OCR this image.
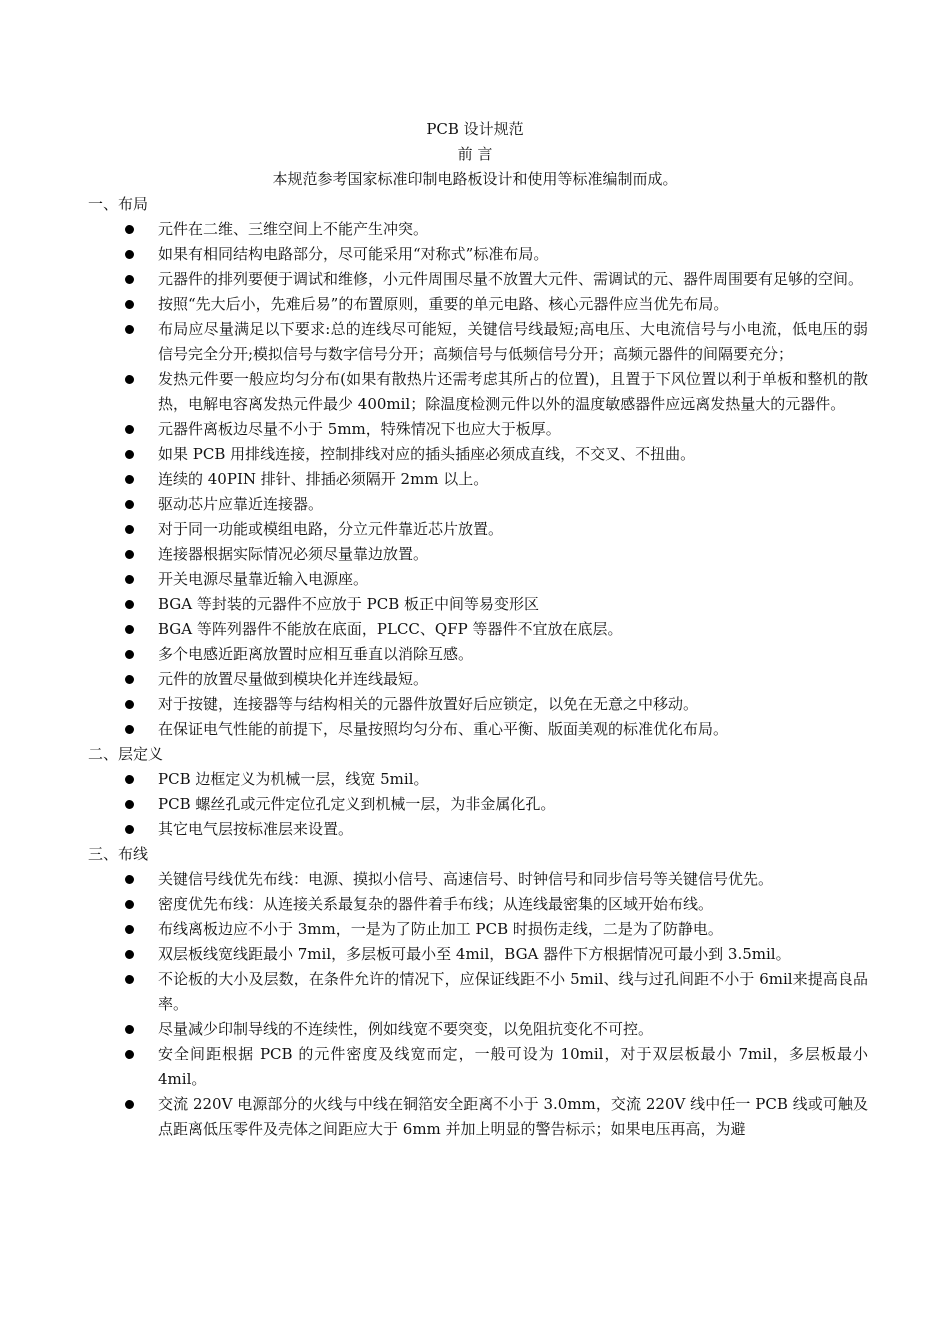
PCB 设计规范
前 言
本规范参考国家标准印制电路板设计和使用等标准编制而成。
一、布局
元件在二维、三维空间上不能产生冲突。
如果有相同结构电路部分，尽可能采用“对称式”标准布局。
元器件的排列要便于调试和维修，小元件周围尽量不放置大元件、需调试的元、器件周围要有足够的空间。
按照“先大后小，先难后易”的布置原则，重要的单元电路、核心元器件应当优先布局。
布局应尽量满足以下要求:总的连线尽可能短，关键信号线最短;高电压、大电流信号与小电流，低电压的弱信号完全分开;模拟信号与数字信号分开；高频信号与低频信号分开；高频元器件的间隔要充分；
发热元件要一般应均匀分布(如果有散热片还需考虑其所占的位置)，且置于下风位置以利于单板和整机的散热，电解电容离发热元件最少 400mil；除温度检测元件以外的温度敏感器件应远离发热量大的元器件。
元器件离板边尽量不小于 5mm，特殊情况下也应大于板厚。
如果 PCB 用排线连接，控制排线对应的插头插座必须成直线，不交叉、不扭曲。
连续的 40PIN 排针、排插必须隔开 2mm 以上。
驱动芯片应靠近连接器。
对于同一功能或模组电路，分立元件靠近芯片放置。
连接器根据实际情况必须尽量靠边放置。
开关电源尽量靠近输入电源座。
BGA 等封装的元器件不应放于 PCB 板正中间等易变形区
BGA 等阵列器件不能放在底面，PLCC、QFP 等器件不宜放在底层。
多个电感近距离放置时应相互垂直以消除互感。
元件的放置尽量做到模块化并连线最短。
对于按键，连接器等与结构相关的元器件放置好后应锁定，以免在无意之中移动。
在保证电气性能的前提下，尽量按照均匀分布、重心平衡、版面美观的标准优化布局。
二、层定义
PCB 边框定义为机械一层，线宽 5mil。
PCB 螺丝孔或元件定位孔定义到机械一层，为非金属化孔。
其它电气层按标准层来设置。
三、布线
关键信号线优先布线：电源、摸拟小信号、高速信号、时钟信号和同步信号等关键信号优先。
密度优先布线：从连接关系最复杂的器件着手布线；从连线最密集的区域开始布线。
布线离板边应不小于 3mm，一是为了防止加工 PCB 时损伤走线，二是为了防静电。
双层板线宽线距最小 7mil，多层板可最小至 4mil，BGA 器件下方根据情况可最小到 3.5mil。
不论板的大小及层数，在条件允许的情况下，应保证线距不小 5mil、线与过孔间距不小于 6mil来提高良品率。
尽量减少印制导线的不连续性，例如线宽不要突变，以免阻抗变化不可控。
安全间距根据 PCB 的元件密度及线宽而定，一般可设为 10mil，对于双层板最小 7mil，多层板最小 4mil。
交流 220V 电源部分的火线与中线在铜箔安全距离不小于 3.0mm，交流 220V 线中任一 PCB 线或可触及点距离低压零件及壳体之间距应大于 6mm 并加上明显的警告标示；如果电压再高，为避
